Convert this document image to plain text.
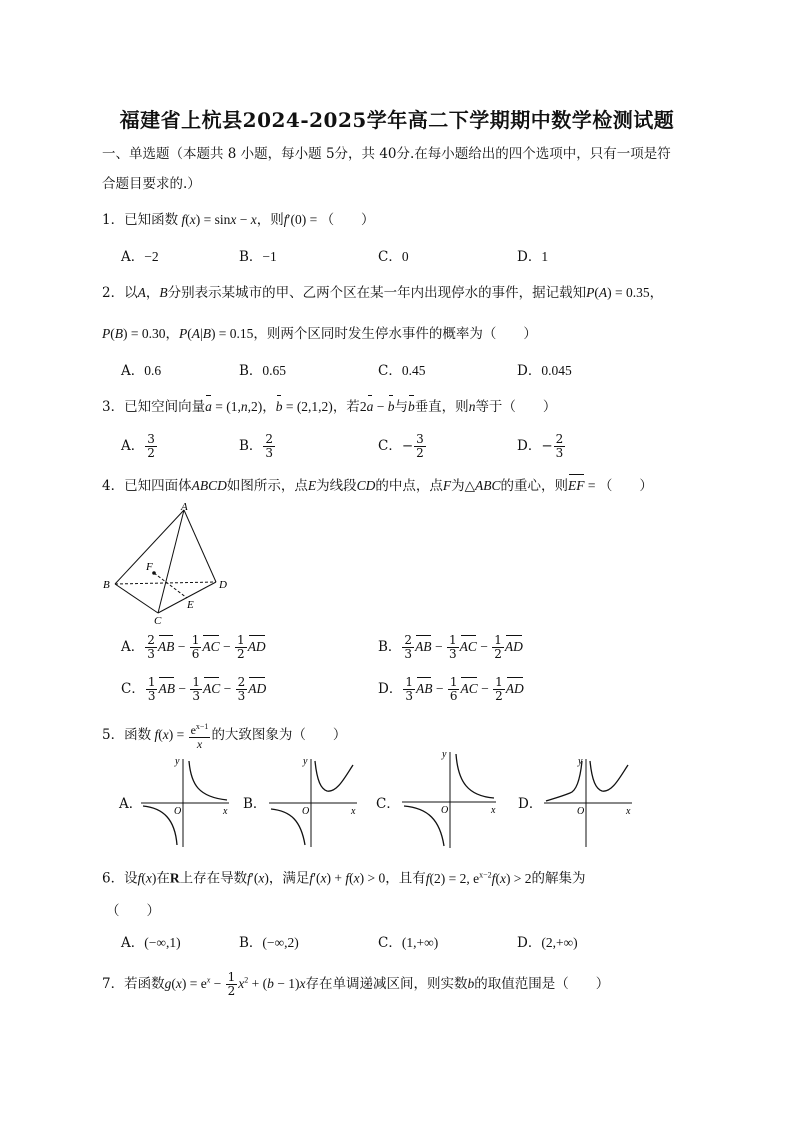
福建省上杭县2024-2025学年高二下学期期中数学检测试题
一、单选题（本题共 8 小题，每小题 5分，共 40分.在每小题给出的四个选项中，只有一项是符
合题目要求的.）
1．已知函数 f(x) = sinx − x，则f′(0) = （　　）
A．−2	B．−1	C．0	D．1
2．以A，B分别表示某城市的甲、乙两个区在某一年内出现停水的事件，据记载知P(A) = 0.35，
P(B) = 0.30，P(A|B) = 0.15，则两个区同时发生停水事件的概率为（　　）
A．0.6	B．0.65	C．0.45	D．0.045
3．已知空间向量a = (1,n,2)，b = (2,1,2)，若2a − b与b垂直，则n等于（　　）
A． $\frac{3}{2}$	B． $\frac{2}{3}$	C．− $\frac{3}{2}$	D．− $\frac{2}{3}$
4．已知四面体ABCD如图所示，点E为线段CD的中点，点F为△ABC的重心，则EF = （　　）
A
B
C
D
E
F
A． $\frac{2}{3}$ AB − $\frac{1}{6}$ AC − $\frac{1}{2}$ AD	B． $\frac{2}{3}$ AB − $\frac{1}{3}$ AC − $\frac{1}{2}$ AD
C． $\frac{1}{3}$ AB − $\frac{1}{3}$ AC − $\frac{2}{3}$ AD	D． $\frac{1}{3}$ AB − $\frac{1}{6}$ AC − $\frac{1}{2}$ AD
5．函数 $f(x) = \frac{e^{x-1}}{x}$ 的大致图象为（　　）
A．
y
x
O	B．
y
x
O	C．
y
x
O	D．
y
x
O
6．设f(x)在R上存在导数f′(x)，满足f′(x) + f(x) > 0，且有f(2) = 2, $e^{x-2}f(x) > 2$的解集为
（　　）
A．(−∞,1)	B．(−∞,2)	C．(1,+∞)	D．(2,+∞)
7．若函数$g(x) = e^x - \frac{1}{2} x^2 + (b - 1)x$存在单调递减区间，则实数b的取值范围是（　　）
